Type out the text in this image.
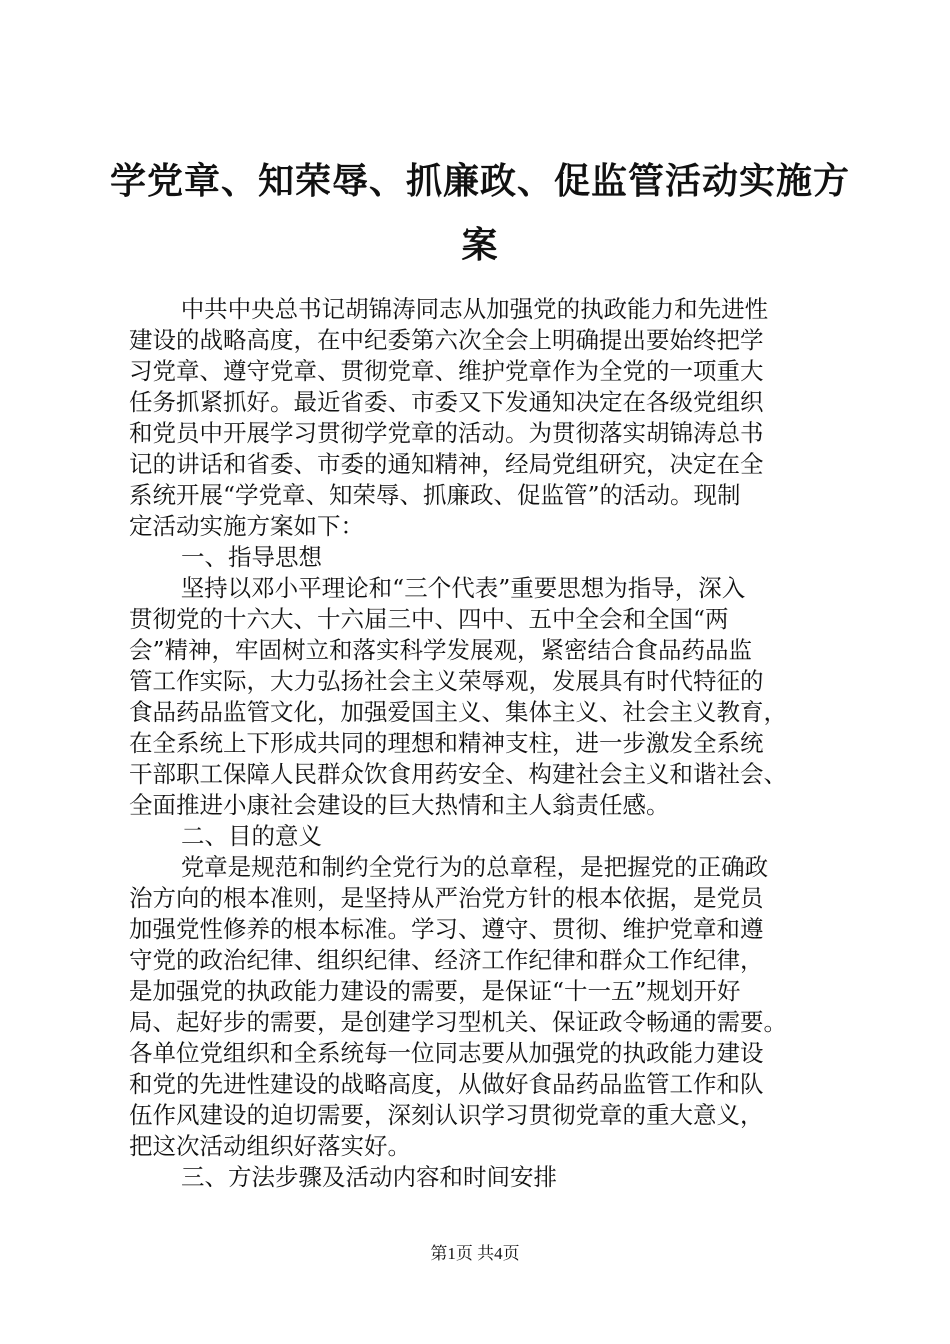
学党章、知荣辱、抓廉政、促监管活动实施方
案

中共中央总书记胡锦涛同志从加强党的执政能力和先进性
建设的战略高度，在中纪委第六次全会上明确提出要始终把学
习党章、遵守党章、贯彻党章、维护党章作为全党的一项重大
任务抓紧抓好。最近省委、市委又下发通知决定在各级党组织
和党员中开展学习贯彻学党章的活动。为贯彻落实胡锦涛总书
记的讲话和省委、市委的通知精神，经局党组研究，决定在全
系统开展“学党章、知荣辱、抓廉政、促监管”的活动。现制
定活动实施方案如下：

一、指导思想

坚持以邓小平理论和“三个代表”重要思想为指导，深入
贯彻党的十六大、十六届三中、四中、五中全会和全国“两
会”精神，牢固树立和落实科学发展观，紧密结合食品药品监
管工作实际，大力弘扬社会主义荣辱观，发展具有时代特征的
食品药品监管文化，加强爱国主义、集体主义、社会主义教育，
在全系统上下形成共同的理想和精神支柱，进一步激发全系统
干部职工保障人民群众饮食用药安全、构建社会主义和谐社会、
全面推进小康社会建设的巨大热情和主人翁责任感。

二、目的意义

党章是规范和制约全党行为的总章程，是把握党的正确政
治方向的根本准则，是坚持从严治党方针的根本依据，是党员
加强党性修养的根本标准。学习、遵守、贯彻、维护党章和遵
守党的政治纪律、组织纪律、经济工作纪律和群众工作纪律，
是加强党的执政能力建设的需要，是保证“十一五”规划开好
局、起好步的需要，是创建学习型机关、保证政令畅通的需要。
各单位党组织和全系统每一位同志要从加强党的执政能力建设
和党的先进性建设的战略高度，从做好食品药品监管工作和队
伍作风建设的迫切需要，深刻认识学习贯彻党章的重大意义，
把这次活动组织好落实好。

三、方法步骤及活动内容和时间安排

第1页 共4页
